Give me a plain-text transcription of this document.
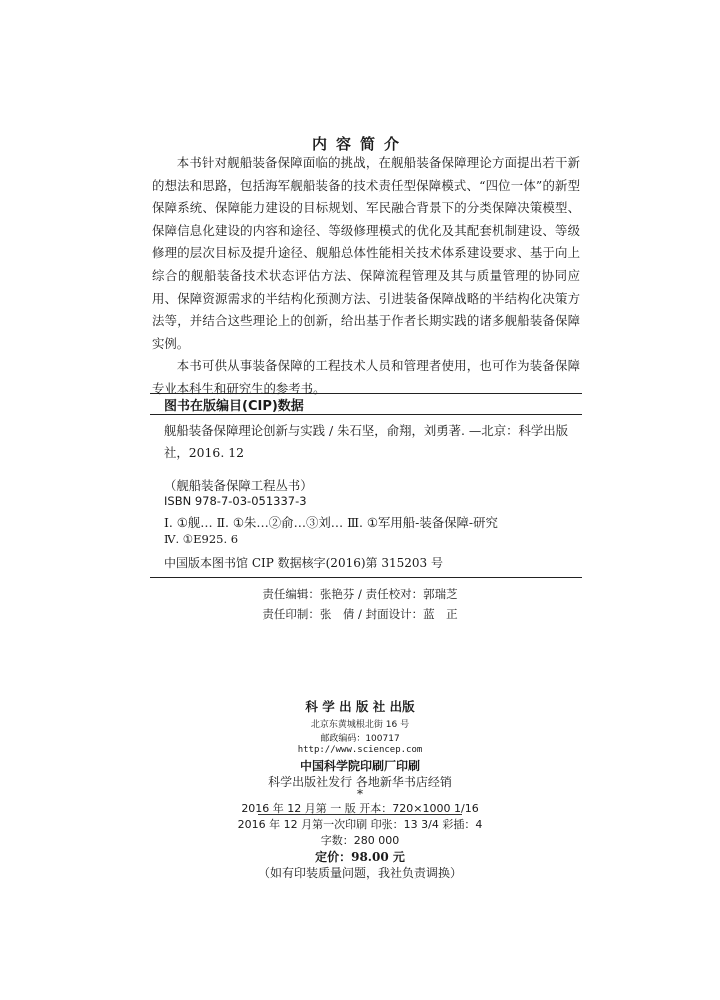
内容简介

本书针对舰船装备保障面临的挑战，在舰船装备保障理论方面提出若干新的想法和思路，包括海军舰船装备的技术责任型保障模式、“四位一体”的新型保障系统、保障能力建设的目标规划、军民融合背景下的分类保障决策模型、保障信息化建设的内容和途径、等级修理模式的优化及其配套机制建设、等级修理的层次目标及提升途径、舰船总体性能相关技术体系建设要求、基于向上综合的舰船装备技术状态评估方法、保障流程管理及其与质量管理的协同应用、保障资源需求的半结构化预测方法、引进装备保障战略的半结构化决策方法等，并结合这些理论上的创新，给出基于作者长期实践的诸多舰船装备保障实例。

本书可供从事装备保障的工程技术人员和管理者使用，也可作为装备保障专业本科生和研究生的参考书。

图书在版编目(CIP)数据
舰船装备保障理论创新与实践 / 朱石坚，俞翔，刘勇著. —北京：科学出版社，2016. 12
（舰船装备保障工程丛书）
ISBN 978-7-03-051337-3
Ⅰ. ①舰… Ⅱ. ①朱…②俞…③刘… Ⅲ. ①军用船-装备保障-研究
Ⅳ. ①E925. 6
中国版本图书馆 CIP 数据核字(2016)第 315203 号
责任编辑：张艳芬 / 责任校对：郭瑞芝
责任印制：张　倩 / 封面设计：蓝　正
科 学 出 版 社 出版
北京东黄城根北街 16 号
邮政编码：100717
http://www.sciencep.com
中国科学院印刷厂印刷
科学出版社发行 各地新华书店经销
*
2016 年 12 月第 一 版 开本：720×1000 1/16
2016 年 12 月第一次印刷 印张：13 3/4 彩插：4
字数：280 000
定价：98.00 元
（如有印装质量问题，我社负责调换）
